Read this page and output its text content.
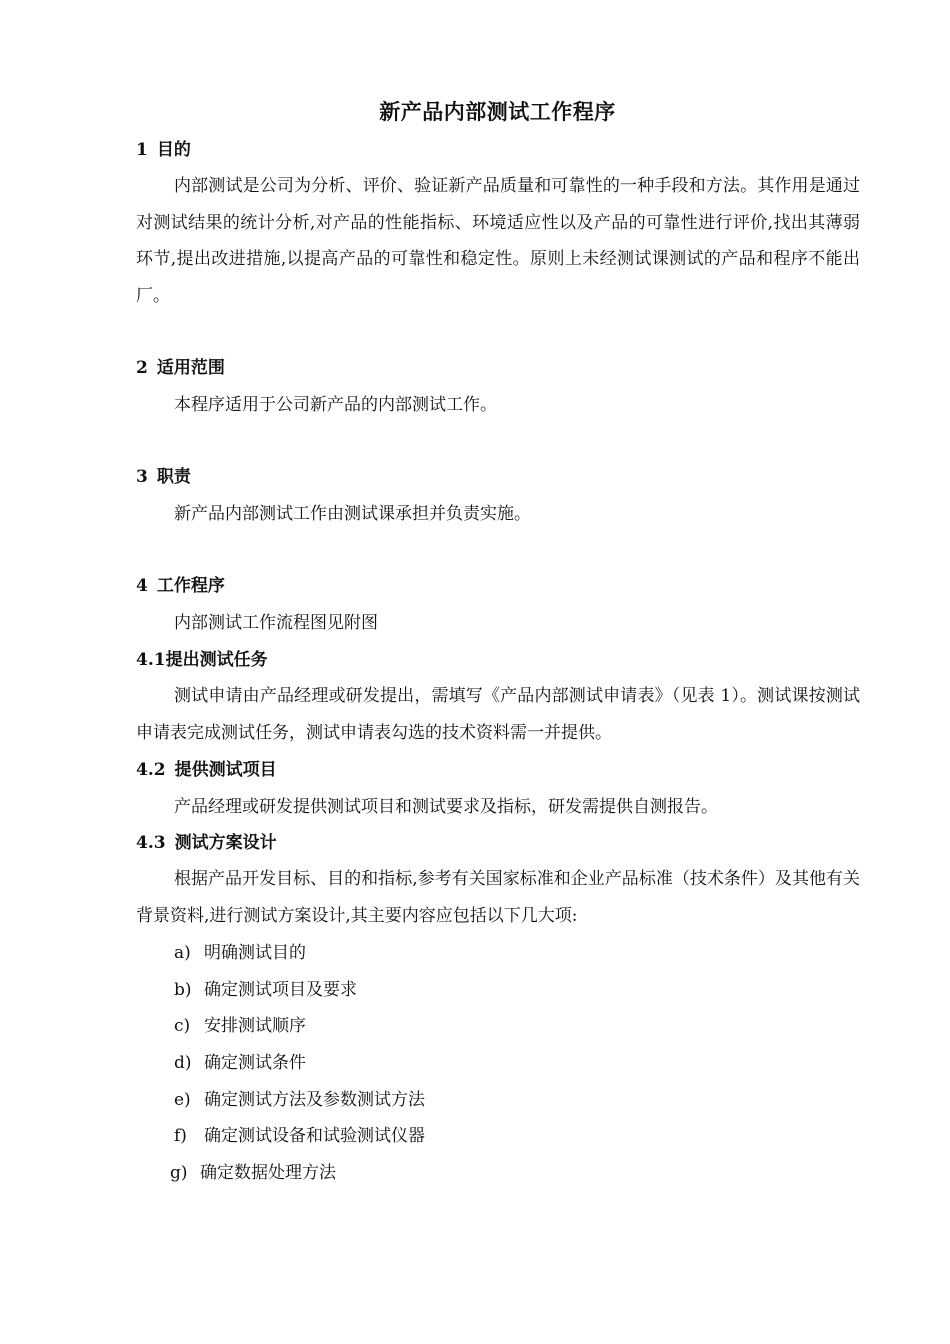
新产品内部测试工作程序
1 目的
内部测试是公司为分析、评价、验证新产品质量和可靠性的一种手段和方法。其作用是通过对测试结果的统计分析,对产品的性能指标、环境适应性以及产品的可靠性进行评价,找出其薄弱环节,提出改进措施,以提高产品的可靠性和稳定性。原则上未经测试课测试的产品和程序不能出厂。
2 适用范围
本程序适用于公司新产品的内部测试工作。
3 职责
新产品内部测试工作由测试课承担并负责实施。
4 工作程序
内部测试工作流程图见附图
4.1提出测试任务
测试申请由产品经理或研发提出，需填写《产品内部测试申请表》（见表 1）。测试课按测试申请表完成测试任务，测试申请表勾选的技术资料需一并提供。
4.2 提供测试项目
产品经理或研发提供测试项目和测试要求及指标，研发需提供自测报告。
4.3 测试方案设计
根据产品开发目标、目的和指标,参考有关国家标准和企业产品标准（技术条件）及其他有关背景资料,进行测试方案设计,其主要内容应包括以下几大项:
a) 明确测试目的
b) 确定测试项目及要求
c) 安排测试顺序
d) 确定测试条件
e) 确定测试方法及参数测试方法
f) 确定测试设备和试验测试仪器
g) 确定数据处理方法
